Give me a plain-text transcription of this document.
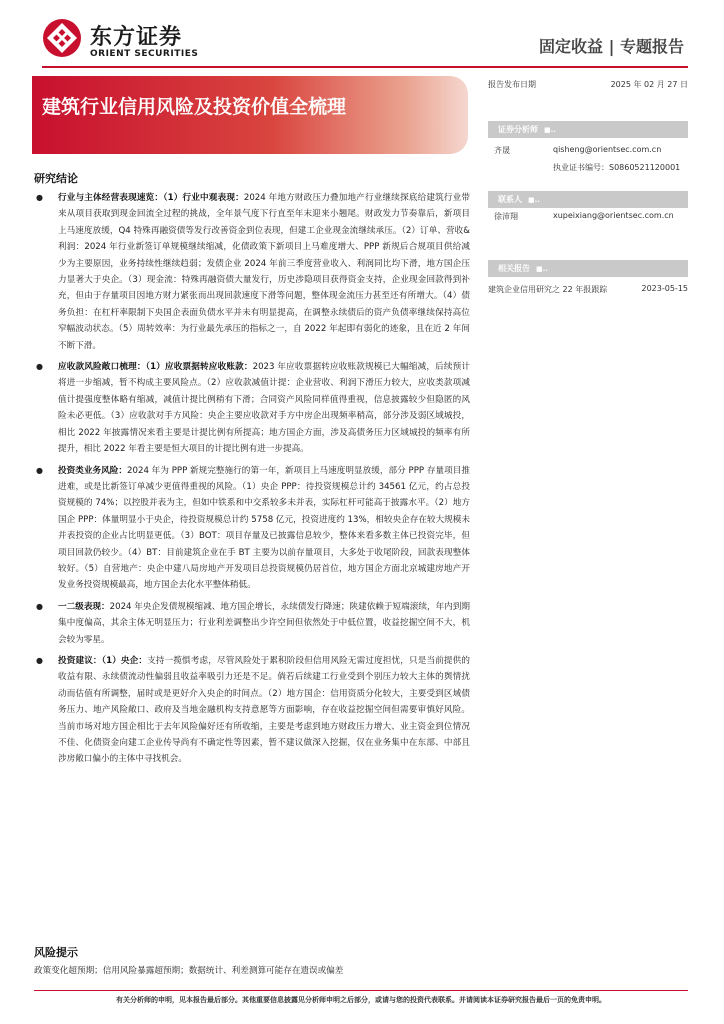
东方证券
ORIENT SECURITIES	固定收益 | 专题报告
建筑行业信用风险及投资价值全梳理
报告发布日期	2025 年 02 月 27 日
证券分析师 ■..
齐晟	qisheng@orientsec.com.cn
执业证书编号：S0860521120001
联系人 ■..
徐沛翔	xupeixiang@orientsec.com.cn
相关报告 ■..
建筑企业信用研究之 22 年报跟踪	2023-05-15
研究结论
● 行业与主体经营表现速览：（1）行业中观表现：2024 年地方财政压力叠加地产行业继续探底给建筑行业带来从项目获取到现金回流全过程的挑战，全年景气度下行直至年末迎来小翘尾。财政发力节奏靠后，新项目上马速度放缓，Q4 特殊再融资债等发行改善资金到位表现，但建工企业现金流继续承压。（2）订单、营收&利润：2024 年行业新签订单规模继续缩减，化债政策下新项目上马难度增大、PPP 新规后合规项目供给减少为主要原因，业务持续性继续趋弱；发债企业 2024 年前三季度营业收入、利润同比均下滑，地方国企压力显著大于央企。（3）现金流：特殊再融资债大量发行，历史涉隐项目获得资金支持，企业现金回款得到补充，但由于存量项目因地方财力紧张而出现回款速度下滑等问题，整体现金流压力甚至还有所增大。（4）债务负担：在杠杆率限制下央国企表面负债水平并未有明显提高，在调整永续债后的资产负债率继续保持高位窄幅波动状态。（5）周转效率：为行业最先承压的指标之一，自 2022 年起即有弱化的迹象，且在近 2 年间不断下滑。
● 应收款风险敞口梳理：（1）应收票据转应收账款：2023 年应收票据转应收账款规模已大幅缩减，后续预计将进一步缩减，暂不构成主要风险点。（2）应收款减值计提：企业营收、利润下滑压力较大，应收类款项减值计提强度整体略有缩减，减值计提比例稍有下滑；合同资产风险同样值得重视，信息披露较少但隐匿的风险未必更低。（3）应收款对手方风险：央企主要应收款对手方中房企出现频率稍高，部分涉及弱区域城投，相比 2022 年披露情况来看主要是计提比例有所提高；地方国企方面，涉及高债务压力区域城投的频率有所提升，相比 2022 年看主要是恒大项目的计提比例有进一步提高。
● 投资类业务风险：2024 年为 PPP 新规完整施行的第一年，新项目上马速度明显放缓，部分 PPP 存量项目推进难，或是比新签订单减少更值得重视的风险。（1）央企 PPP：待投资规模总计约 34561 亿元，约占总投资规模的 74%；以控股并表为主，但如中铁系和中交系较多未并表，实际杠杆可能高于披露水平。（2）地方国企 PPP：体量明显小于央企，待投资规模总计约 5758 亿元，投资进度约 13%，相较央企存在较大规模未并表投资的企业占比明显更低。（3）BOT：项目存量及已披露信息较少，整体来看多数主体已投资完毕，但项目回款仍较少。（4）BT：目前建筑企业在手 BT 主要为以前存量项目，大多处于收尾阶段，回款表现整体较好。（5）自营地产：央企中建八局房地产开发项目总投资规模仍居首位，地方国企方面北京城建房地产开发业务投资规模最高，地方国企去化水平整体稍低。
● 一二级表现：2024 年央企发债规模缩减、地方国企增长，永续债发行降速；陕建依赖于短端滚续，年内到期集中度偏高，其余主体无明显压力；行业利差调整出少许空间但依然处于中低位置，收益挖掘空间不大，机会较为零星。
● 投资建议：（1）央企：支持一揽惧考虑，尽管风险处于累积阶段但信用风险无需过度担忧，只是当前提供的收益有限、永续债流动性偏弱且收益率吸引力还是不足。倘若后续建工行业受到个别压力较大主体的舆情扰动而估值有所调整，届时或是更好介入央企的时间点。（2）地方国企：信用资质分化较大，主要受到区域债务压力、地产风险敞口、政府及当地金融机构支持意愿等方面影响，存在收益挖掘空间但需要审慎好风险。当前市场对地方国企相比于去年风险偏好还有所收缩，主要是考虑到地方财政压力增大、业主资金到位情况不佳、化债资金向建工企业传导尚有不确定性等因素，暂不建议做深入挖掘，仅在业务集中在东部、中部且涉房敞口偏小的主体中寻找机会。
风险提示
政策变化超预期；信用风险暴露超预期；数据统计、利差测算可能存在遗误或偏差
有关分析师的申明，见本报告最后部分。其他重要信息披露见分析师申明之后部分，或请与您的投资代表联系。并请阅读本证券研究报告最后一页的免责申明。
